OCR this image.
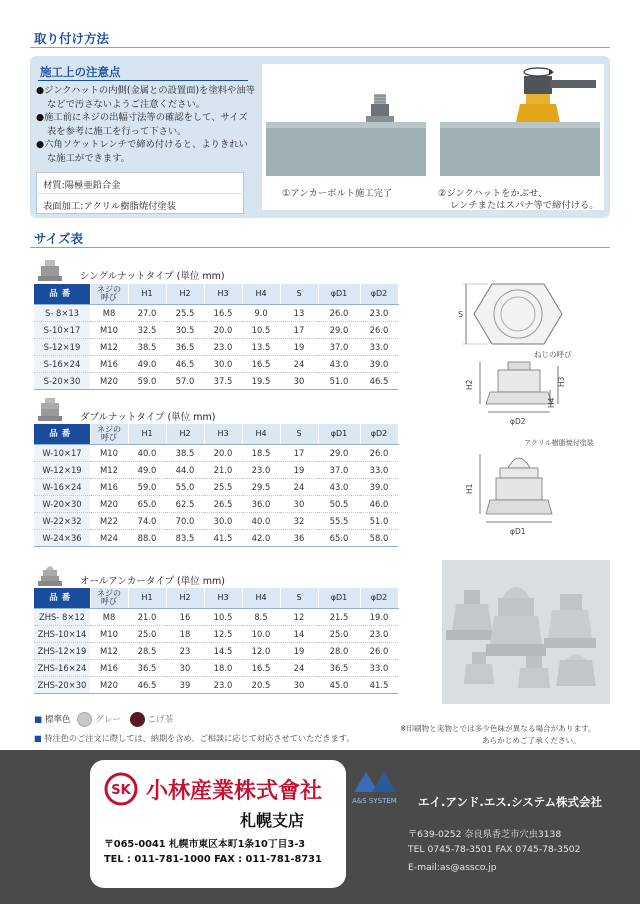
取り付け方法
施工上の注意点
●ジンクハットの内側(金属との設置面)を塗料や油等などで汚さないようご注意ください。
●施工前にネジの出幅寸法等の確認をして、サイズ表を参考に施工を行って下さい。
●六角ソケットレンチで締め付けると、よりきれいな施工ができます。
材質:陽極亜鉛合金
表面加工:アクリル樹脂焼付塗装
①アンカーボルト施工完了	②ジンクハットをかぶせ、
レンチまたはスパナ等で締付ける。
サイズ表
シングルナットタイプ (単位 mm)
品番	ネジの
呼び	H1	H2	H3	H4	S	φD1	φD2
S- 8×13	M8	27.0	25.5	16.5	9.0	13	26.0	23.0
S-10×17	M10	32.5	30.5	20.0	10.5	17	29.0	26.0
S-12×19	M12	38.5	36.5	23.0	13.5	19	37.0	33.0
S-16×24	M16	49.0	46.5	30.0	16.5	24	43.0	39.0
S-20×30	M20	59.0	57.0	37.5	19.5	30	51.0	46.5
ダブルナットタイプ (単位 mm)
品番	ネジの
呼び	H1	H2	H3	H4	S	φD1	φD2
W-10×17	M10	40.0	38.5	20.0	18.5	17	29.0	26.0
W-12×19	M12	49.0	44.0	21.0	23.0	19	37.0	33.0
W-16×24	M16	59.0	55.0	25.5	29.5	24	43.0	39.0
W-20×30	M20	65.0	62.5	26.5	36.0	30	50.5	46.0
W-22×32	M22	74.0	70.0	30.0	40.0	32	55.5	51.0
W-24×36	M24	88.0	83.5	41.5	42.0	36	65.0	58.0
オールアンカータイプ (単位 mm)
品番	ネジの
呼び	H1	H2	H3	H4	S	φD1	φD2
ZHS- 8×12	M8	21.0	16	10.5	8.5	12	21.5	19.0
ZHS-10×14	M10	25.0	18	12.5	10.0	14	25.0	23.0
ZHS-12×19	M12	28.5	23	14.5	12.0	19	28.0	26.0
ZHS-16×24	M16	36.5	30	18.0	16.5	24	36.5	33.0
ZHS-20×30	M20	46.5	39	23.0	20.5	30	45.0	41.5
S
ねじの呼び
H2	H3
H4
φD2
アクリル樹脂焼付塗装
H1
φD1
■ 標準色	グレー	こげ茶
■ 特注色のご注文に際しては、納期を含め、ご相談に応じて対応させていただきます。
※印刷物と実物とでは多少色味が異なる場合があります。
あらかじめご了承ください。
SK 小林産業株式會社
札幌支店
〒065-0041 札幌市東区本町1条10丁目3-3
TEL : 011-781-1000 FAX : 011-781-8731
A&S SYSTEM エイ.アンド.エス.システム株式会社
〒639-0252 奈良県香芝市穴虫3138
TEL 0745-78-3501 FAX 0745-78-3502
E-mail:as@assco.jp
